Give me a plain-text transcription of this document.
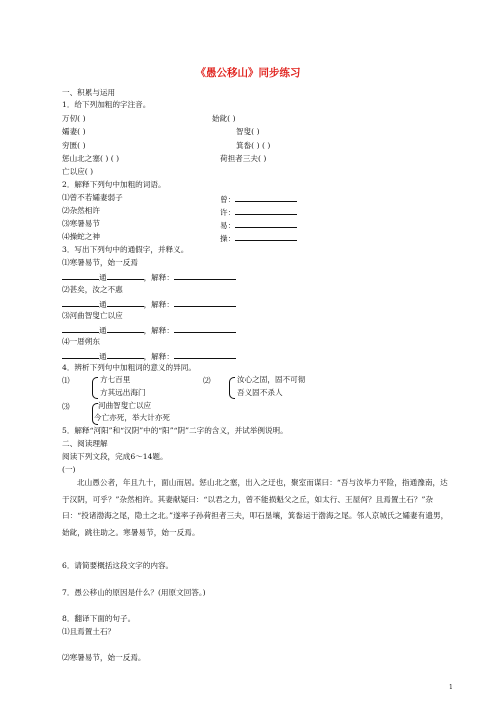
《愚公移山》同步练习
一、积累与运用
1．给下列加粗的字注音。
万仞( )	始龀( )
孀妻( )	智叟( )
穷匮( )	箕畚( ) ( )
惩山北之塞( ) ( )	荷担者三夫( )
亡以应( )
2．解释下列句中加粗的词语。
⑴曾不若孀妻弱子	曾：
⑵杂然相许	许：
⑶寒暑易节	易：
⑷操蛇之神	操：
3．写出下列句中的通假字，并释义。
⑴寒暑易节，始一反焉
通	，解释：
⑵甚矣，汝之不惠
通	，解释：
⑶河曲智叟亡以应
通	，解释：
⑷一厝朔东
通	，解释：
4．辨析下列句中加粗词的意义的异同。
⑴	方七百里
方其远出海门
⑵	汝心之固，固不可彻
吾义固不杀人
⑶	河曲智叟亡以应
今亡亦死，举大计亦死
5．解释“河阳”和“汉阴”中的“阳”“阴”二字的含义，并试举例说明。
二、阅读理解
阅读下列文段，完成6～14题。
(一)
北山愚公者，年且九十，面山而居。惩山北之塞，出入之迂也，聚室而谋曰：“吾与汝毕力平险，指通豫南，达于汉阴，可乎？”杂然相许。其妻献疑曰：“以君之力，曾不能损魁父之丘，如太行、王屋何？且焉置土石？”杂曰：“投诸渤海之尾，隐土之北。”遂率子孙荷担者三夫，叩石垦壤，箕畚运于渤海之尾。邻人京城氏之孀妻有遗男，始龀，跳往助之。寒暑易节，始一反焉。
6．请简要概括这段文字的内容。
7．愚公移山的原因是什么？(用原文回答。)
8．翻译下面的句子。
⑴且焉置土石？
⑵寒暑易节，始一反焉。
1
